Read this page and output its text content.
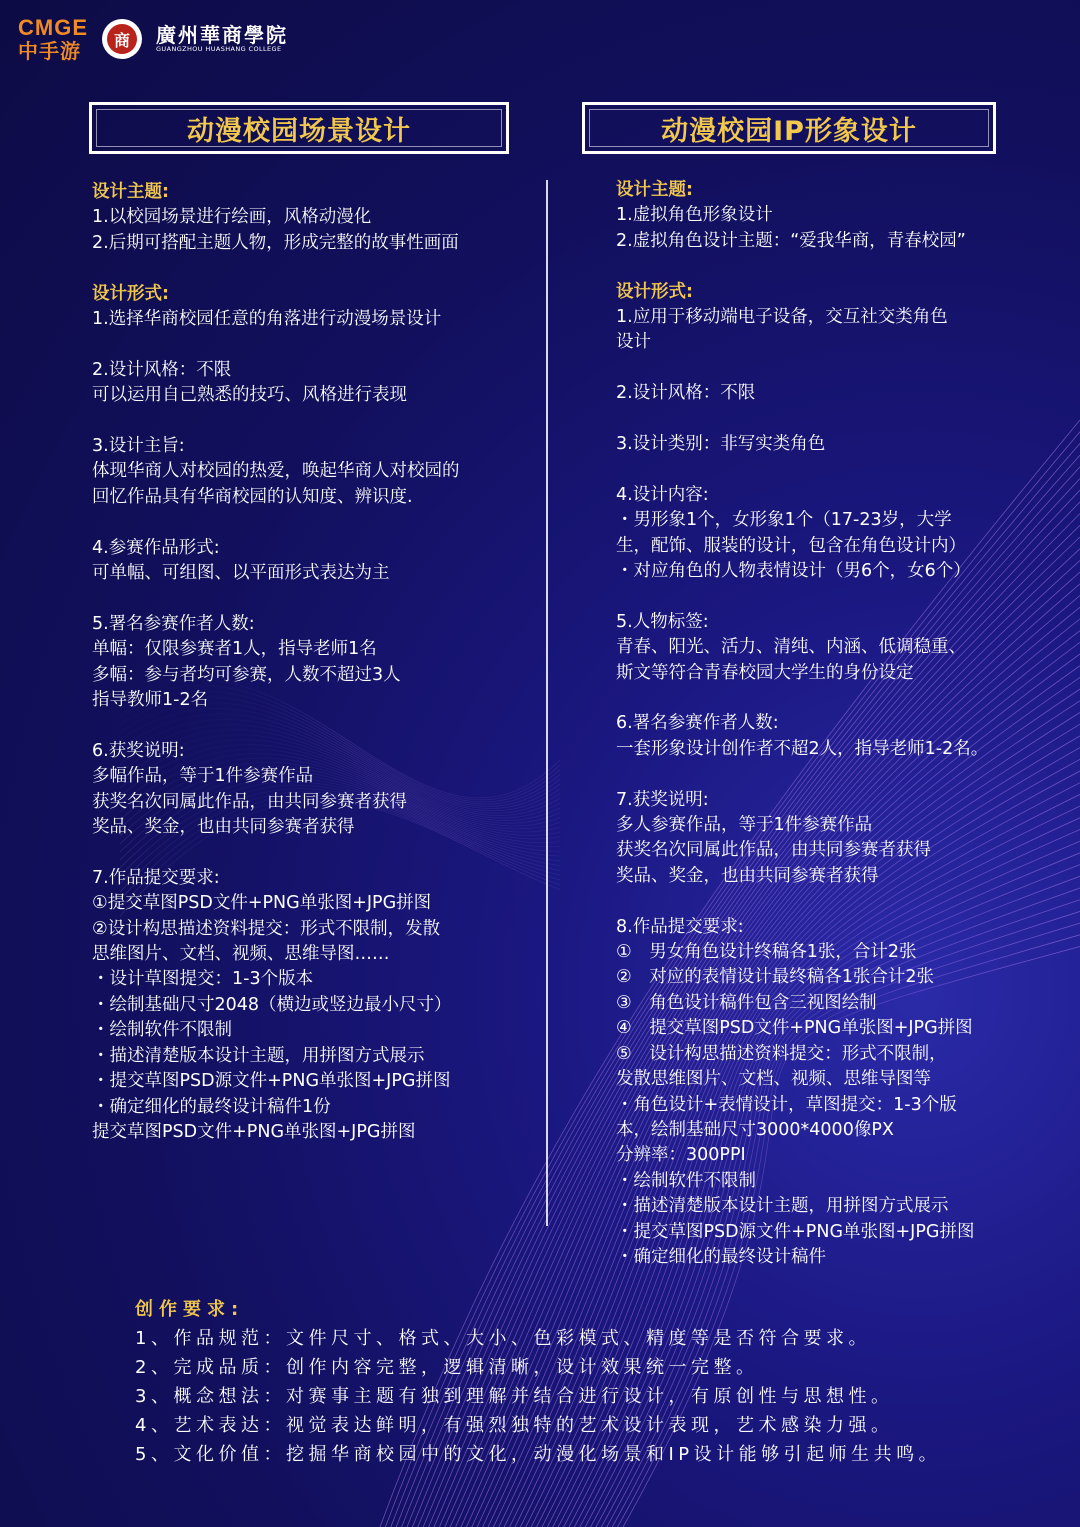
CMGE
中手游	商	廣州華商學院
GUANGZHOU HUASHANG COLLEGE
动漫校园场景设计	动漫校园IP形象设计
设计主题:
1.以校园场景进行绘画，风格动漫化
2.后期可搭配主题人物，形成完整的故事性画面
设计形式:
1.选择华商校园任意的角落进行动漫场景设计
2.设计风格：不限
可以运用自己熟悉的技巧、风格进行表现
3.设计主旨:
体现华商人对校园的热爱，唤起华商人对校园的
回忆作品具有华商校园的认知度、辨识度.
4.参赛作品形式:
可单幅、可组图、以平面形式表达为主
5.署名参赛作者人数:
单幅：仅限参赛者1人，指导老师1名
多幅：参与者均可参赛，人数不超过3人
指导教师1-2名
6.获奖说明:
多幅作品，等于1件参赛作品
获奖名次同属此作品，由共同参赛者获得
奖品、奖金，也由共同参赛者获得
7.作品提交要求:
①提交草图PSD文件+PNG单张图+JPG拼图
②设计构思描述资料提交：形式不限制，发散
思维图片、文档、视频、思维导图……
・设计草图提交：1-3个版本
・绘制基础尺寸2048（横边或竖边最小尺寸）
・绘制软件不限制
・描述清楚版本设计主题，用拼图方式展示
・提交草图PSD源文件+PNG单张图+JPG拼图
・确定细化的最终设计稿件1份
提交草图PSD文件+PNG单张图+JPG拼图
设计主题:
1.虚拟角色形象设计
2.虚拟角色设计主题：“爱我华商，青春校园”
设计形式:
1.应用于移动端电子设备，交互社交类角色
设计
2.设计风格：不限
3.设计类别：非写实类角色
4.设计内容:
・男形象1个，女形象1个（17-23岁，大学
生，配饰、服装的设计，包含在角色设计内）
・对应角色的人物表情设计（男6个，女6个）
5.人物标签:
青春、阳光、活力、清纯、内涵、低调稳重、
斯文等符合青春校园大学生的身份设定
6.署名参赛作者人数:
一套形象设计创作者不超2人，指导老师1-2名。
7.获奖说明:
多人参赛作品，等于1件参赛作品
获奖名次同属此作品，由共同参赛者获得
奖品、奖金，也由共同参赛者获得
8.作品提交要求:
①　男女角色设计终稿各1张，合计2张
②　对应的表情设计最终稿各1张合计2张
③　角色设计稿件包含三视图绘制
④　提交草图PSD文件+PNG单张图+JPG拼图
⑤　设计构思描述资料提交：形式不限制，
发散思维图片、文档、视频、思维导图等
・角色设计+表情设计，草图提交：1-3个版
本，绘制基础尺寸3000*4000像PX
分辨率：300PPI
・绘制软件不限制
・描述清楚版本设计主题，用拼图方式展示
・提交草图PSD源文件+PNG单张图+JPG拼图
・确定细化的最终设计稿件
创作要求:
1、作品规范：文件尺寸、格式、大小、色彩模式、精度等是否符合要求。
2、完成品质：创作内容完整，逻辑清晰，设计效果统一完整。
3、概念想法：对赛事主题有独到理解并结合进行设计，有原创性与思想性。
4、艺术表达：视觉表达鲜明，有强烈独特的艺术设计表现，艺术感染力强。
5、文化价值：挖掘华商校园中的文化，动漫化场景和IP设计能够引起师生共鸣。
